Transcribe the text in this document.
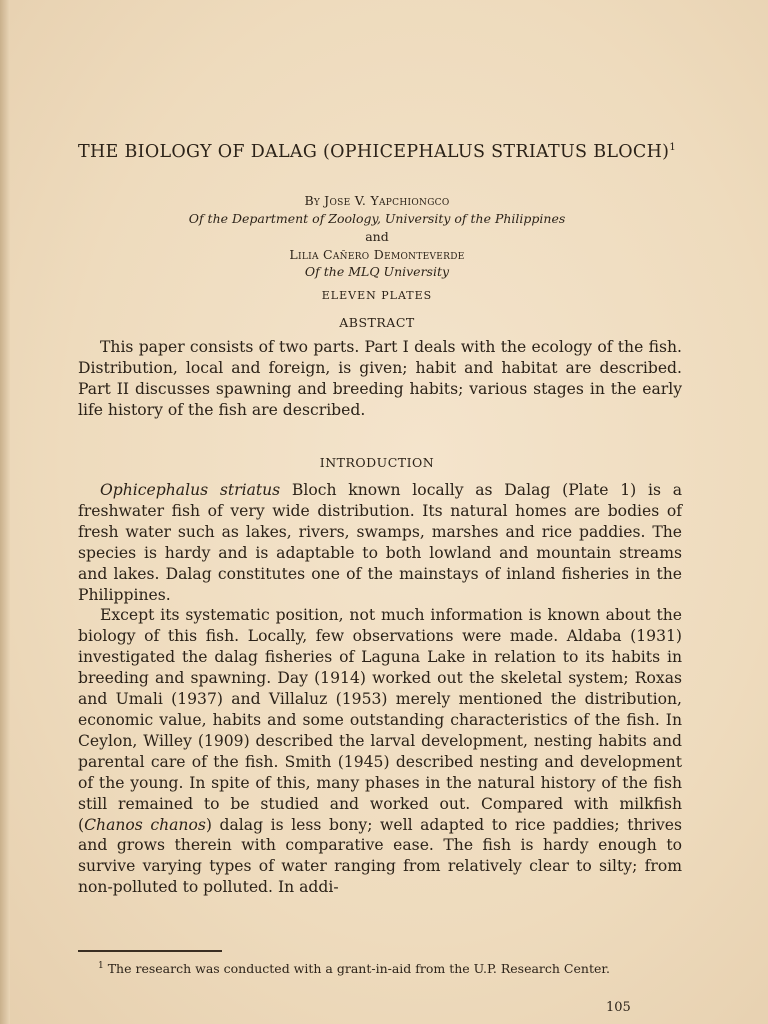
THE BIOLOGY OF DALAG (OPHICEPHALUS STRIATUS BLOCH)$^1$
By Jose V. Yapchiongco
Of the Department of Zoology, University of the Philippines
and
Lilia Cañero Demonteverde
Of the MLQ University
ELEVEN PLATES
ABSTRACT

This paper consists of two parts. Part I deals with the ecology of the fish. Distribution, local and foreign, is given; habit and habitat are described. Part II discusses spawning and breeding habits; various stages in the early life history of the fish are described.

INTRODUCTION

Ophicephalus striatus Bloch known locally as Dalag (Plate 1) is a freshwater fish of very wide distribution. Its natural homes are bodies of fresh water such as lakes, rivers, swamps, marshes and rice paddies. The species is hardy and is adaptable to both lowland and mountain streams and lakes. Dalag constitutes one of the mainstays of inland fisheries in the Philippines.

Except its systematic position, not much information is known about the biology of this fish. Locally, few observations were made. Aldaba (1931) investigated the dalag fisheries of Laguna Lake in relation to its habits in breeding and spawning. Day (1914) worked out the skeletal system; Roxas and Umali (1937) and Villaluz (1953) merely mentioned the distribution, economic value, habits and some outstanding characteristics of the fish. In Ceylon, Willey (1909) described the larval development, nesting habits and parental care of the fish. Smith (1945) described nesting and development of the young. In spite of this, many phases in the natural history of the fish still remained to be studied and worked out. Compared with milkfish (Chanos chanos) dalag is less bony; well adapted to rice paddies; thrives and grows therein with comparative ease. The fish is hardy enough to survive varying types of water ranging from relatively clear to silty; from non-polluted to polluted. In addi-

$^1$ The research was conducted with a grant-in-aid from the U.P. Research Center.
105
